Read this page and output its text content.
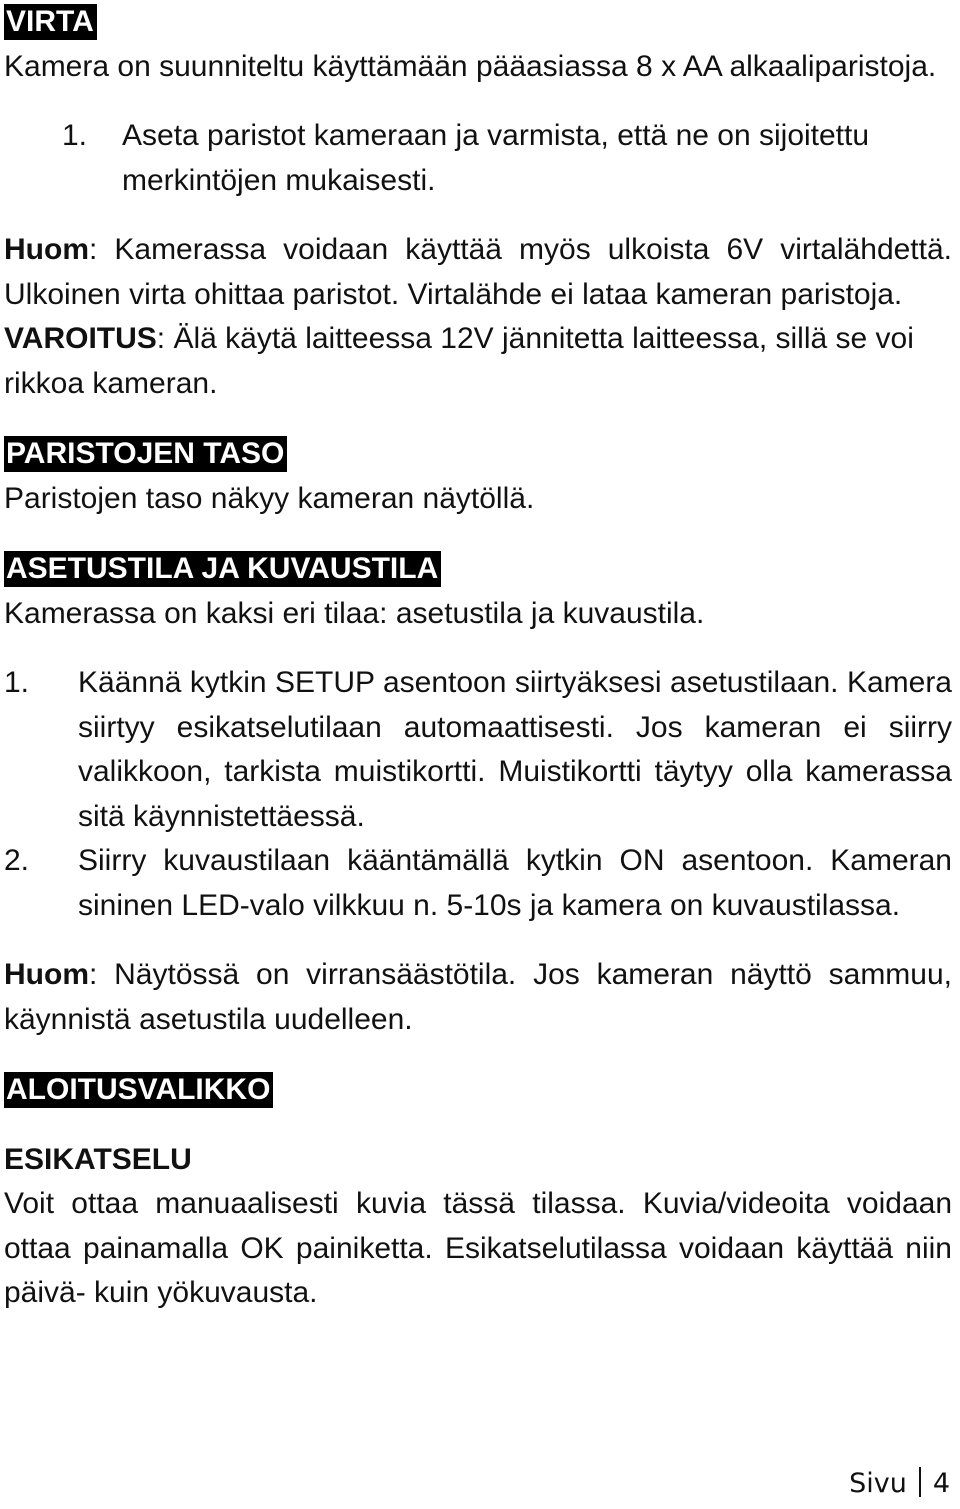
VIRTA

Kamera on suunniteltu käyttämään pääasiassa 8 x AA alkaaliparistoja.

1.	Aseta paristot kameraan ja varmista, että ne on sijoitettu merkintöjen mukaisesti.

Huom: Kamerassa voidaan käyttää myös ulkoista 6V virtalähdettä. Ulkoinen virta ohittaa paristot. Virtalähde ei lataa kameran paristoja.

VAROITUS: Älä käytä laitteessa 12V jännitetta laitteessa, sillä se voi rikkoa kameran.

PARISTOJEN TASO

Paristojen taso näkyy kameran näytöllä.

ASETUSTILA JA KUVAUSTILA

Kamerassa on kaksi eri tilaa: asetustila ja kuvaustila.

1.	Käännä kytkin SETUP asentoon siirtyäksesi asetustilaan. Kamera siirtyy esikatselutilaan automaattisesti. Jos kameran ei siirry valikkoon, tarkista muistikortti. Muistikortti täytyy olla kamerassa sitä käynnistettäessä.
2.	Siirry kuvaustilaan kääntämällä kytkin ON asentoon. Kameran sininen LED-valo vilkkuu n. 5-10s ja kamera on kuvaustilassa.

Huom: Näytössä on virransäästötila. Jos kameran näyttö sammuu, käynnistä asetustila uudelleen.

ALOITUSVALIKKO

ESIKATSELU

Voit ottaa manuaalisesti kuvia tässä tilassa. Kuvia/videoita voidaan ottaa painamalla OK painiketta. Esikatselutilassa voidaan käyttää niin päivä- kuin yökuvausta.

Sivu 4
